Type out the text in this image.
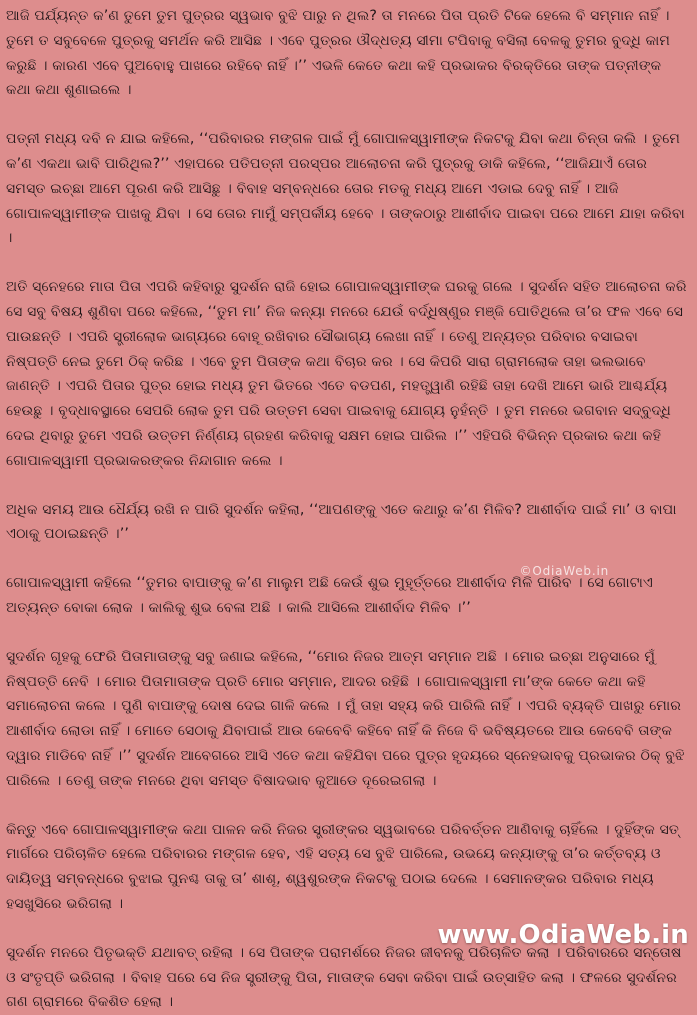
ଆଜି ପର୍ଯ୍ୟନ୍ତ କ’ଣ ତୁମେ ତୁମ ପୁତ୍ରର ସ୍ୱଭାବ ବୁଝି ପାରୁ ନ ଥିଲ? ତା ମନରେ ପିତା ପ୍ରତି ଟିକେ ହେଲେ ବି ସମ୍ମାନ ନାହିଁ । ତୁମେ ତ ସବୁବେଳେ ପୁତ୍ରକୁ ସମର୍ଥନ କରି ଆସିଛ । ଏବେ ପୁତ୍ରର ଔଦ୍ଧତ୍ୟ ସୀମା ଟପିବାକୁ ବସିଲା ବେଳକୁ ତୁମର ବୁଦ୍ଧି କାମ କରୁଛି । କାରଣ ଏବେ ପୁଅବୋହୁ ପାଖରେ ରହିବେ ନାହିଁ ।’’ ଏଭଳି କେତେ କଥା କହି ପ୍ରଭାକର ବିରକ୍ତିରେ ତାଙ୍କ ପତ୍ନୀଙ୍କ କଥା କଥା ଶୁଣାଇଲେ ।

ପତ୍ନୀ ମଧ୍ୟ ଦବି ନ ଯାଇ କହିଲେ, ‘‘ପରିବାରର ମଙ୍ଗଳ ପାଇଁ ମୁଁ ଗୋପାଳସ୍ୱାମୀଙ୍କ ନିକଟକୁ ଯିବା କଥା ଚିନ୍ତା କଲି । ତୁମେ କ’ଣ ଏକଥା ଭାବି ପାରିଥିଲ?’’ ଏହାପରେ ପତିପତ୍ନୀ ପରସ୍ପର ଆଲୋଚନା କରି ପୁତ୍ରକୁ ଡାକି କହିଲେ, ‘‘ଆଜିଯାଏଁ ତୋର ସମସ୍ତ ଇଚ୍ଛା ଆମେ ପୂରଣ କରି ଆସିଛୁ । ବିବାହ ସମ୍ବନ୍ଧରେ ତୋର ମତକୁ ମଧ୍ୟ ଆମେ ଏଡାଇ ଦେବୁ ନାହିଁ । ଆଜି ଗୋପାଳସ୍ୱାମୀଙ୍କ ପାଖକୁ ଯିବା । ସେ ତୋର ମାମୁଁ ସମ୍ପର୍କୀୟ ହେବେ । ତାଙ୍କଠାରୁ ଆଶୀର୍ବାଦ ପାଇବା ପରେ ଆମେ ଯାହା କରିବା ।

ଅତି ସ୍ନେହରେ ମାତା ପିତା ଏପରି କହିବାରୁ ସୁଦର୍ଶନ ରାଜି ହୋଇ ଗୋପାଳସ୍ୱାମୀଙ୍କ ଘରକୁ ଗଲେ । ସୁଦର୍ଶନ ସହିତ ଆଲୋଚନା କରି ସେ ସବୁ ବିଷୟ ଶୁଣିବା ପରେ କହିଲେ, ‘‘ତୁମ ମା’ ନିଜ କନ୍ୟା ମନରେ ଯେଉଁ ବର୍ଦ୍ଧିଷ୍ଣୁର ମଞ୍ଜି ପୋତିଥିଲେ ତା’ର ଫଳ ଏବେ ସେ ପାଉଛନ୍ତି । ଏପରି ସ୍ତ୍ରୀଲୋକ ଭାଗ୍ୟରେ ବୋହୂ ରଖିବାର ସୌଭାଗ୍ୟ ଲେଖା ନାହିଁ । ତେଣୁ ଅନ୍ୟତ୍ର ପରିବାର ବସାଇବା ନିଷ୍ପତ୍ତି ନେଇ ତୁମେ ଠିକ୍ କରିଛ । ଏବେ ତୁମ ପିତାଙ୍କ କଥା ବିଚାର କର । ସେ କିପରି ସାରା ଗ୍ରାମଲୋକ ତାହା ଭଲଭାବେ ଜାଣନ୍ତି । ଏପରି ପିତାର ପୁତ୍ର ହୋଇ ମଧ୍ୟ ତୁମ ଭିତରେ ଏତେ ବଡପଣ, ମହତ୍ତ୍ୱାଣି ରହିଛି ତାହା ଦେଖି ଆମେ ଭାରି ଆଶ୍ଚର୍ଯ୍ୟ ହେଉଛୁ । ବୃଦ୍ଧାବସ୍ଥାରେ ସେପରି ଲୋକ ତୁମ ପରି ଉତ୍ତମ ସେବା ପାଇବାକୁ ଯୋଗ୍ୟ ନୁହଁନ୍ତି । ତୁମ ମନରେ ଭଗବାନ ସଦ୍ବୁଦ୍ଧି ଦେଇ ଥିବାରୁ ତୁମେ ଏପରି ଉତ୍ତମ ନିର୍ଣ୍ଣୟ ଗ୍ରହଣ କରିବାକୁ ସକ୍ଷମ ହୋଇ ପାରିଲ ।’’ ଏହିପରି ବିଭିନ୍ନ ପ୍ରକାର କଥା କହି ଗୋପାଳସ୍ୱାମୀ ପ୍ରଭାକରଙ୍କର ନିନ୍ଦାଗାନ କଲେ ।

ଅଧିକ ସମୟ ଆଉ ଧୈର୍ଯ୍ୟ ରଖି ନ ପାରି ସୁଦର୍ଶନ କହିଲା, ‘‘ଆପଣଙ୍କୁ ଏତେ କଥାରୁ କ’ଣ ମିଳିବ? ଆଶୀର୍ବାଦ ପାଇଁ ମା’ ଓ ବାପା ଏଠାକୁ ପଠାଇଛନ୍ତି ।’’

ଗୋପାଳସ୍ୱାମୀ କହିଲେ ‘‘ତୁମର ବାପାଙ୍କୁ କ’ଣ ମାଲୁମ ଅଛି କେଉଁ ଶୁଭ ମୁହୂର୍ତ୍ତରେ ଆଶୀର୍ବାଦ ମିଳି ପାରିବ । ସେ ଗୋଟାଏ ଅତ୍ୟନ୍ତ ବୋକା ଲୋକ । କାଲିକୁ ଶୁଭ ବେଳା ଅଛି । କାଲି ଆସିଲେ ଆଶୀର୍ବାଦ ମିଳିବ ।’’

ସୁଦର୍ଶନ ଗୃହକୁ ଫେରି ପିତାମାତାଙ୍କୁ ସବୁ ଜଣାଇ କହିଲେ, ‘‘ମୋର ନିଜର ଆତ୍ମ ସମ୍ମାନ ଅଛି । ମୋର ଇଚ୍ଛା ଅନୁସାରେ ମୁଁ ନିଷ୍ପତ୍ତି ନେବି । ମୋର ପିତାମାତାଙ୍କ ପ୍ରତି ମୋର ସମ୍ମାନ, ଆଦର ରହିଛି । ଗୋପାଳସ୍ୱାମୀ ମା’ଙ୍କ କେତେ କଥା କହି ସମାଲୋଚନା କଲେ । ପୁଣି ବାପାଙ୍କୁ ଦୋଷ ଦେଇ ଗାଳି କଲେ । ମୁଁ ତାହା ସହ୍ୟ କରି ପାରିଲି ନାହିଁ । ଏପରି ବ୍ୟକ୍ତି ପାଖରୁ ମୋର ଆଶୀର୍ବାଦ ଲୋଡା ନାହିଁ । ମୋତେ ସେଠାକୁ ଯିବାପାଇଁ ଆଉ କେବେବି କହିବେ ନାହିଁ କି ନିଜେ ବି ଭବିଷ୍ୟତରେ ଆଉ କେବେବି ତାଙ୍କ ଦ୍ୱାର ମାଡିବେ ନାହିଁ ।’’ ସୁଦର୍ଶନ ଆବେଗରେ ଆସି ଏତେ କଥା କହିଯିବା ପରେ ପୁତ୍ର ହୃଦୟରେ ସ୍ନେହଭାବକୁ ପ୍ରଭାକର ଠିକ୍ ବୁଝି ପାରିଲେ । ତେଣୁ ତାଙ୍କ ମନରେ ଥିବା ସମସ୍ତ ବିଷାଦଭାବ କୁଆଡେ ଦୂରେଇଗଲା ।

କିନ୍ତୁ ଏବେ ଗୋପାଳସ୍ୱାମୀଙ୍କ କଥା ପାଳନ କରି ନିଜର ସ୍ତ୍ରୀଙ୍କର ସ୍ୱଭାବରେ ପରିବର୍ତ୍ତନ ଆଣିବାକୁ ଚାହିଁଲେ । ଦୁହିଁଙ୍କ ସତ୍ ମାର୍ଗରେ ପରିଚାଳିତ ହେଲେ ପରିବାରର ମଙ୍ଗଳ ହେବ, ଏହି ସତ୍ୟ ସେ ବୁଝି ପାରିଲେ, ଉଭୟେ କନ୍ୟାଙ୍କୁ ତା’ର କର୍ତ୍ତବ୍ୟ ଓ ଦାୟିତ୍ୱ ସମ୍ବନ୍ଧରେ ବୁଝାଇ ପୁନଶ୍ଚ ତାକୁ ତା’ ଶାଶୂ, ଶ୍ୱଶୁରଙ୍କ ନିକଟକୁ ପଠାଇ ଦେଲେ । ସେମାନଙ୍କର ପରିବାର ମଧ୍ୟ ହସଖୁସିରେ ଭରିଗଲା ।

ସୁଦର୍ଶନ ମନରେ ପିତୃଭକ୍ତି ଯଥାବତ୍ ରହିଲା । ସେ ପିତାଙ୍କ ପରାମର୍ଶରେ ନିଜର ଜୀବନକୁ ପରିଚାଳିତ କଲା । ପରିବାରରେ ସନ୍ତୋଷ ଓ ସଂତୃପ୍ତି ଭରିଗଲା । ବିବାହ ପରେ ସେ ନିଜ ସ୍ତ୍ରୀଙ୍କୁ ପିତା, ମାତାଙ୍କ ସେବା କରିବା ପାଇଁ ଉତ୍ସାହିତ କଲା । ଫଳରେ ସୁଦର୍ଶନର ଗଣ ଗ୍ରାମରେ ବିକଶିତ ହେଲା ।

©OdiaWeb.in
www.OdiaWeb.in
